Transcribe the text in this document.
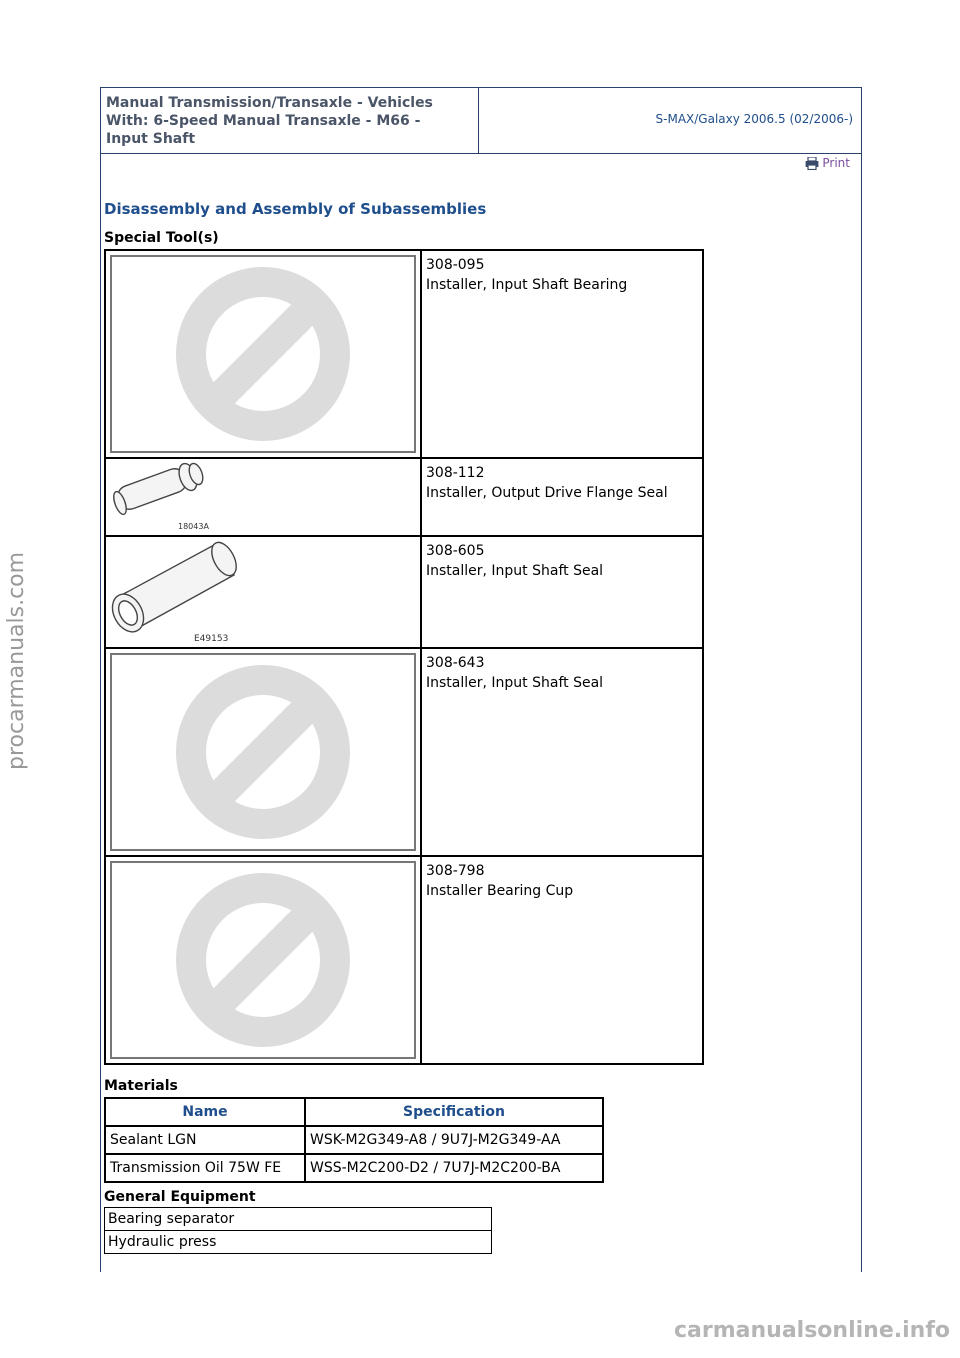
Manual Transmission/Transaxle - Vehicles
With: 6-Speed Manual Transaxle - M66 -
Input Shaft
S-MAX/Galaxy 2006.5 (02/2006-)
Print
Disassembly and Assembly of Subassemblies
Special Tool(s)

308-095
Installer, Input Shaft Bearing

18043A	308-112
Installer, Output Drive Flange Seal

E49153	308-605
Installer, Input Shaft Seal

308-643
Installer, Input Shaft Seal

308-798
Installer Bearing Cup
Materials
Name	Specification
Sealant LGN	WSK-M2G349-A8 / 9U7J-M2G349-AA
Transmission Oil 75W FE	WSS-M2C200-D2 / 7U7J-M2C200-BA
General Equipment
Bearing separator
Hydraulic press
procarmanuals.com
carmanualsonline.info
